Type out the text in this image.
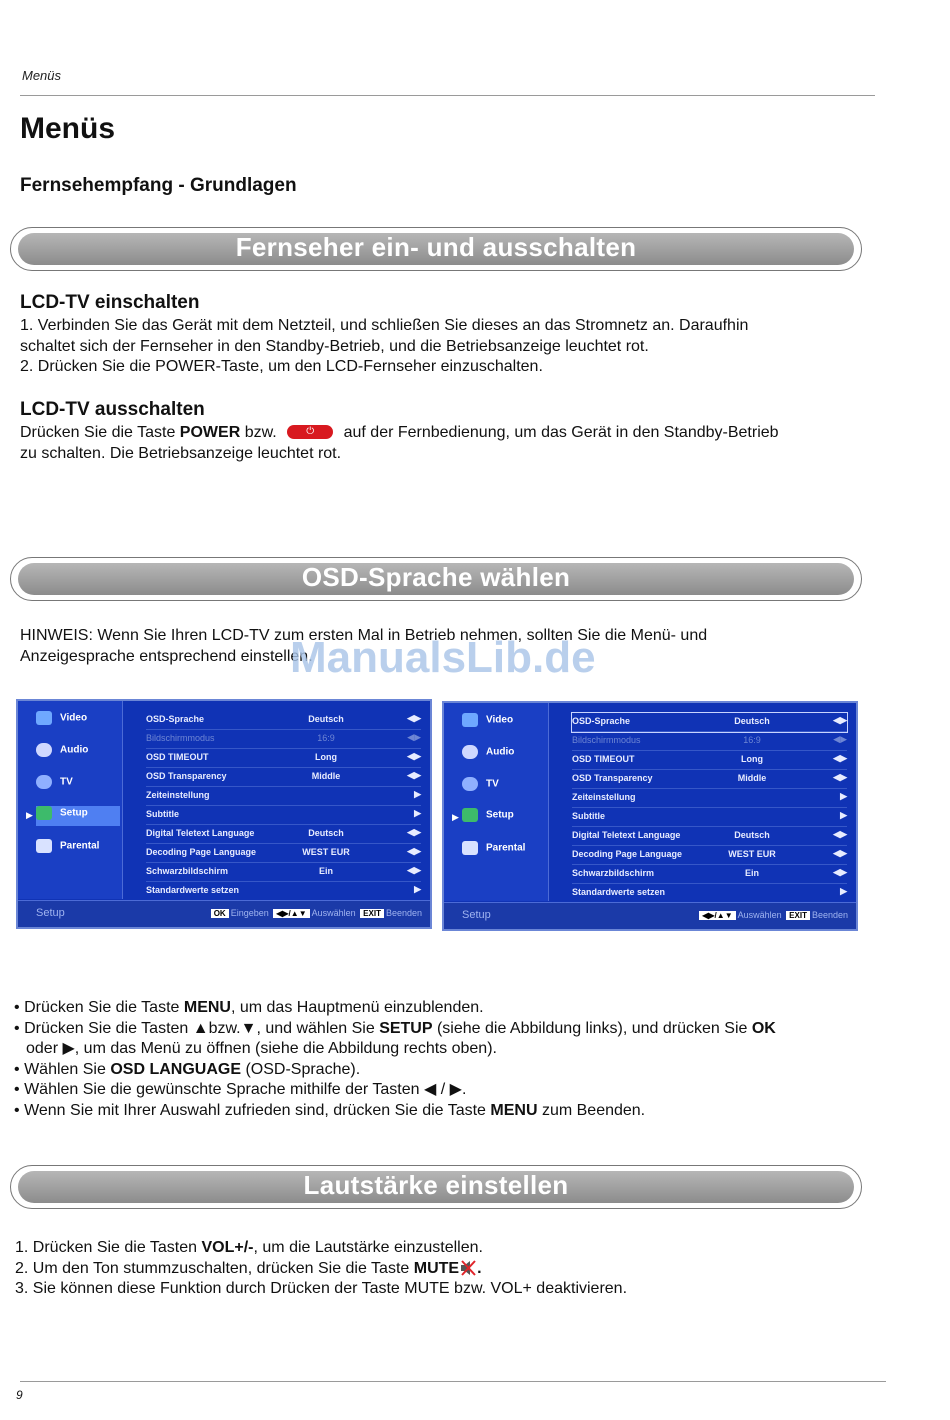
Menüs
Menüs
Fernsehempfang - Grundlagen
Fernseher ein- und ausschalten
LCD-TV einschalten
1. Verbinden Sie das Gerät mit dem Netzteil, und schließen Sie dieses an das Stromnetz an. Daraufhin
schaltet sich der Fernseher in den Standby-Betrieb, und die Betriebsanzeige leuchtet rot.
2. Drücken Sie die POWER-Taste, um den LCD-Fernseher einzuschalten.
LCD-TV ausschalten
Drücken Sie die Taste POWER bzw.	⏻ auf der Fernbedienung, um das Gerät in den Standby-Betrieb
zu schalten. Die Betriebsanzeige leuchtet rot.
OSD-Sprache wählen
HINWEIS: Wenn Sie Ihren LCD-TV zum ersten Mal in Betrieb nehmen, sollten Sie die Menü- und
Anzeigesprache entsprechend einstellen.
ManualsLib.de
Video
Audio
TV
▶	Setup
Parental
OSD-Sprache	Deutsch	◀▶
Bildschirmmodus	16:9	◀▶
OSD TIMEOUT	Long	◀▶
OSD Transparency	Middle	◀▶
Zeiteinstellung	▶
Subtitle	▶
Digital Teletext Language	Deutsch	◀▶
Decoding Page Language	WEST EUR	◀▶
Schwarzbildschirm	Ein	◀▶
Standardwerte setzen	▶
Setup	OK Eingeben ◀▶/▲▼ Auswählen EXIT Beenden
Video
Audio
TV
▶	Setup
Parental
OSD-Sprache	Deutsch	◀▶
Bildschirmmodus	16:9	◀▶
OSD TIMEOUT	Long	◀▶
OSD Transparency	Middle	◀▶
Zeiteinstellung	▶
Subtitle	▶
Digital Teletext Language	Deutsch	◀▶
Decoding Page Language	WEST EUR	◀▶
Schwarzbildschirm	Ein	◀▶
Standardwerte setzen	▶
Setup	◀▶/▲▼ Auswählen EXIT Beenden
• Drücken Sie die Taste MENU, um das Hauptmenü einzublenden.
• Drücken Sie die Tasten ▲bzw.▼, und wählen Sie SETUP (siehe die Abbildung links), und drücken Sie OK
oder ▶, um das Menü zu öffnen (siehe die Abbildung rechts oben).
• Wählen Sie OSD LANGUAGE (OSD-Sprache).
• Wählen Sie die gewünschte Sprache mithilfe der Tasten ◀ / ▶.
• Wenn Sie mit Ihrer Auswahl zufrieden sind, drücken Sie die Taste MENU zum Beenden.
Lautstärke einstellen
1. Drücken Sie die Tasten VOL+/-, um die Lautstärke einzustellen.
2. Um den Ton stummzuschalten, drücken Sie die Taste MUTE .
3. Sie können diese Funktion durch Drücken der Taste MUTE bzw. VOL+ deaktivieren.
9
